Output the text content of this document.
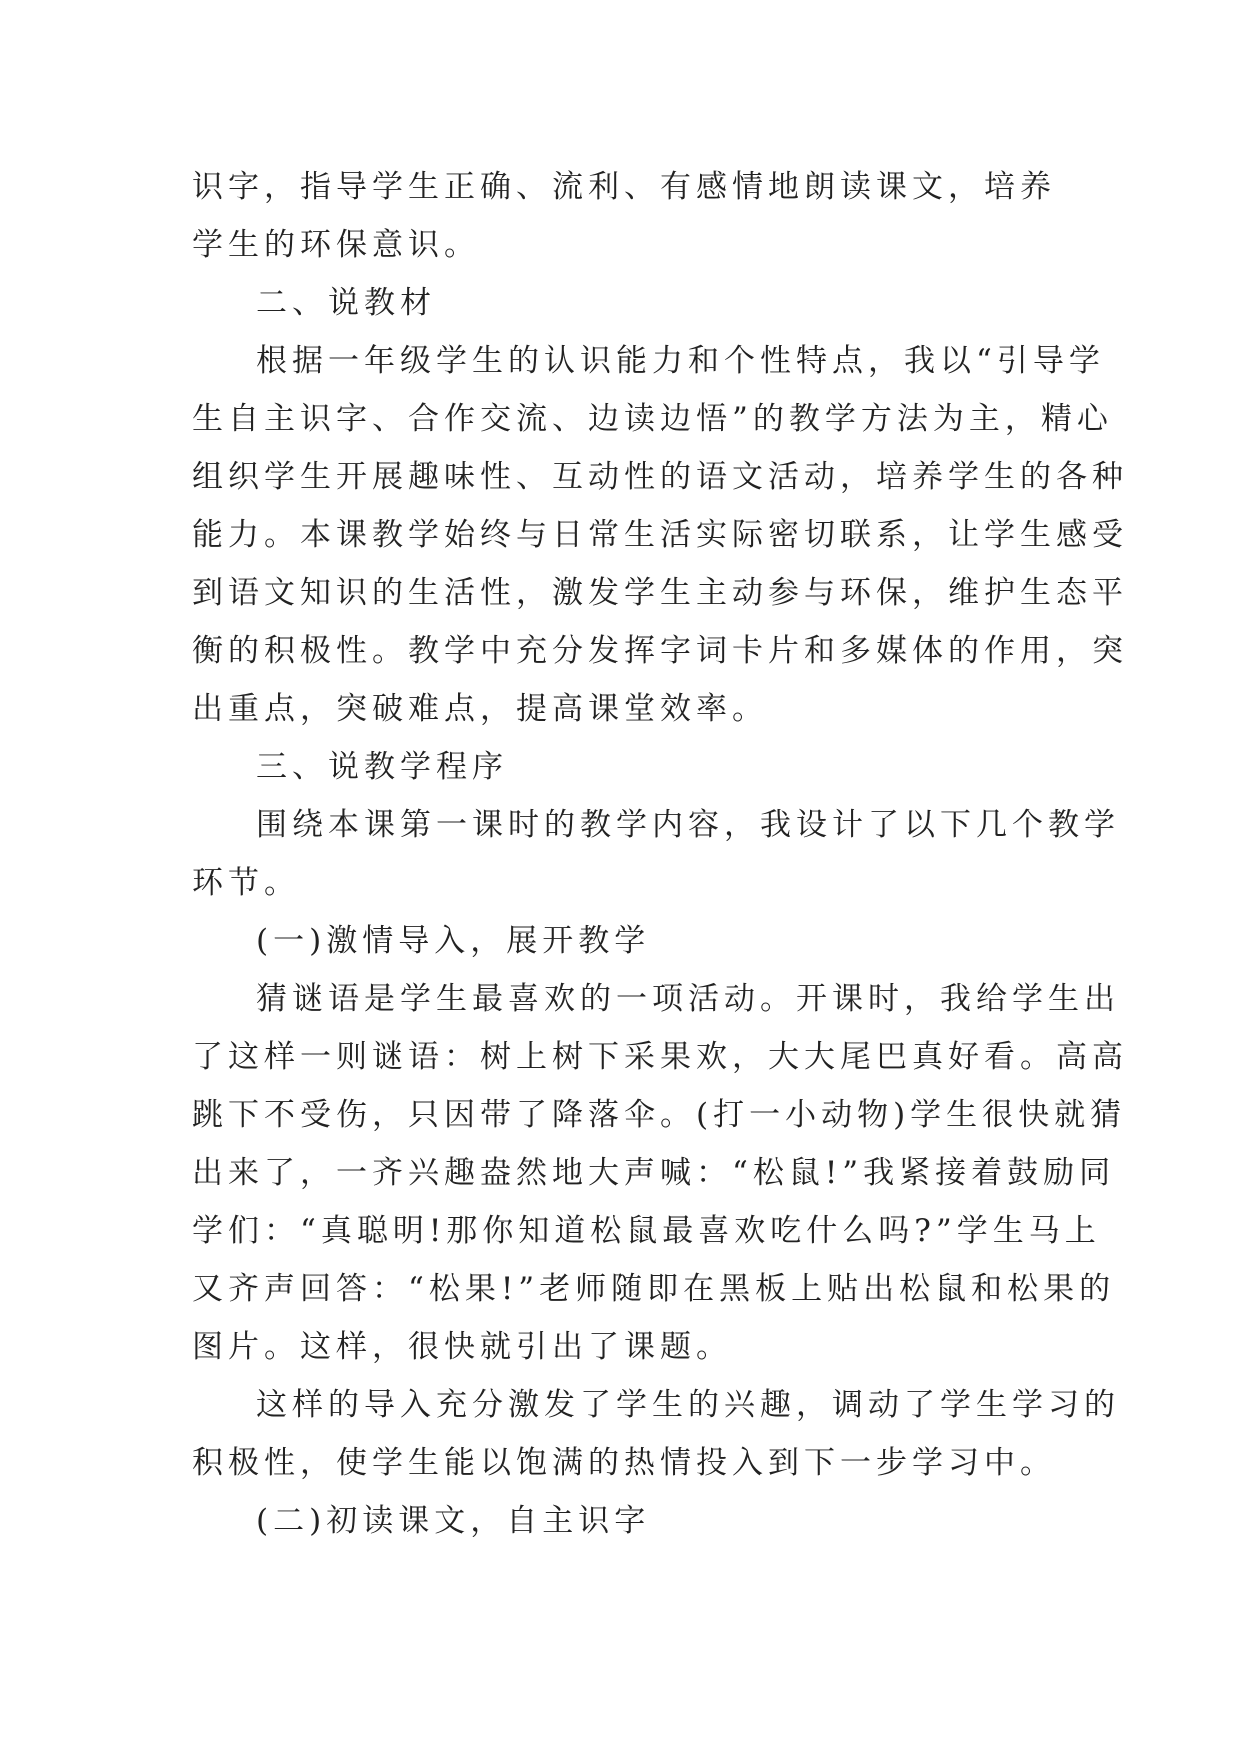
识字，指导学生正确、流利、有感情地朗读课文，培养
学生的环保意识。
二、说教材
根据一年级学生的认识能力和个性特点，我以“引导学
生自主识字、合作交流、边读边悟”的教学方法为主，精心
组织学生开展趣味性、互动性的语文活动，培养学生的各种
能力。本课教学始终与日常生活实际密切联系，让学生感受
到语文知识的生活性，激发学生主动参与环保，维护生态平
衡的积极性。教学中充分发挥字词卡片和多媒体的作用，突
出重点，突破难点，提高课堂效率。
三、说教学程序
围绕本课第一课时的教学内容，我设计了以下几个教学
环节。
(一)激情导入，展开教学
猜谜语是学生最喜欢的一项活动。开课时，我给学生出
了这样一则谜语：树上树下采果欢，大大尾巴真好看。高高
跳下不受伤，只因带了降落伞。(打一小动物)学生很快就猜
出来了，一齐兴趣盎然地大声喊：“松鼠!”我紧接着鼓励同
学们：“真聪明!那你知道松鼠最喜欢吃什么吗?”学生马上
又齐声回答：“松果!”老师随即在黑板上贴出松鼠和松果的
图片。这样，很快就引出了课题。
这样的导入充分激发了学生的兴趣，调动了学生学习的
积极性，使学生能以饱满的热情投入到下一步学习中。
(二)初读课文，自主识字
